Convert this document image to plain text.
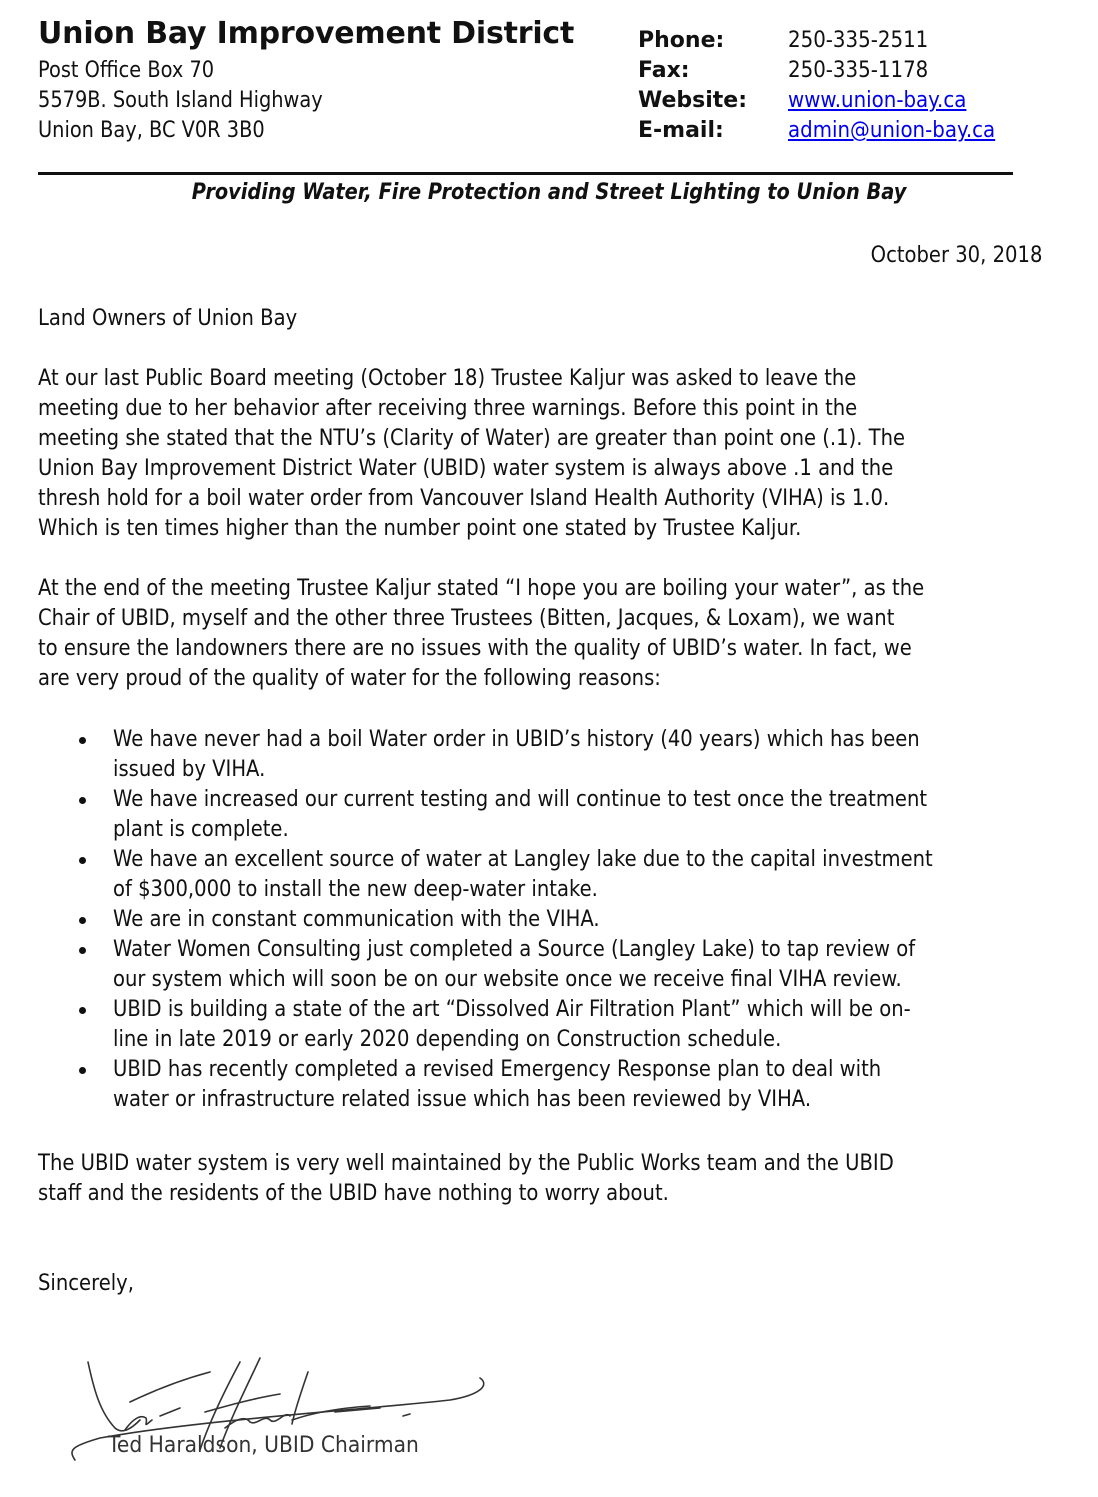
Union Bay Improvement District
Post Office Box 70
5579B. South Island Highway
Union Bay, BC V0R 3B0
Phone:	250-335-2511
Fax:	250-335-1178
Website: www.union-bay.ca
E-mail:	admin@union-bay.ca
Providing Water, Fire Protection and Street Lighting to Union Bay
October 30, 2018
Land Owners of Union Bay
At our last Public Board meeting (October 18) Trustee Kaljur was asked to leave the
meeting due to her behavior after receiving three warnings. Before this point in the
meeting she stated that the NTU’s (Clarity of Water) are greater than point one (.1). The
Union Bay Improvement District Water (UBID) water system is always above .1 and the
thresh hold for a boil water order from Vancouver Island Health Authority (VIHA) is 1.0.
Which is ten times higher than the number point one stated by Trustee Kaljur.
At the end of the meeting Trustee Kaljur stated “I hope you are boiling your water”, as the
Chair of UBID, myself and the other three Trustees (Bitten, Jacques, & Loxam), we want
to ensure the landowners there are no issues with the quality of UBID’s water. In fact, we
are very proud of the quality of water for the following reasons:
We have never had a boil Water order in UBID’s history (40 years) which has been
issued by VIHA.
We have increased our current testing and will continue to test once the treatment
plant is complete.
We have an excellent source of water at Langley lake due to the capital investment
of $300,000 to install the new deep-water intake.
We are in constant communication with the VIHA.
Water Women Consulting just completed a Source (Langley Lake) to tap review of
our system which will soon be on our website once we receive final VIHA review.
UBID is building a state of the art “Dissolved Air Filtration Plant” which will be on-
line in late 2019 or early 2020 depending on Construction schedule.
UBID has recently completed a revised Emergency Response plan to deal with
water or infrastructure related issue which has been reviewed by VIHA.
The UBID water system is very well maintained by the Public Works team and the UBID
staff and the residents of the UBID have nothing to worry about.
Sincerely,
Ted Haraldson, UBID Chairman
